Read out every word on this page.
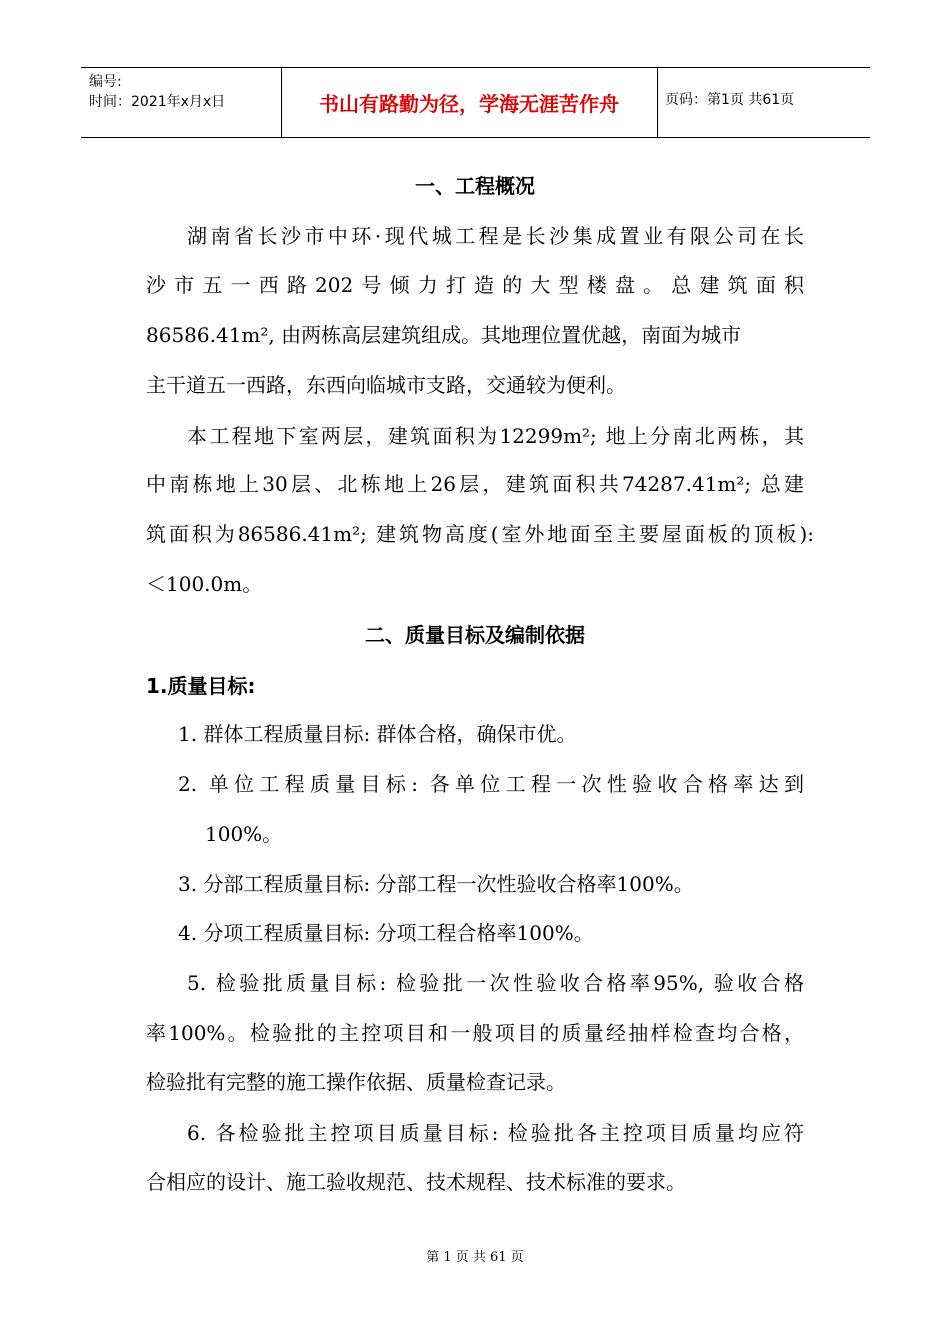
编号:
时间：2021年x月x日	书山有路勤为径，学海无涯苦作舟	页码：第1页 共61页
一、工程概况
湖南省长沙市中环·现代城工程是长沙集成置业有限公司在长
沙市五一西路202号倾力打造的大型楼盘。总建筑面积
86586.41m², 由两栋高层建筑组成。其地理位置优越，南面为城市
主干道五一西路，东西向临城市支路，交通较为便利。
本工程地下室两层，建筑面积为12299m²; 地上分南北两栋，其
中南栋地上30层、北栋地上26层，建筑面积共74287.41m²; 总建
筑面积为86586.41m²; 建筑物高度(室外地面至主要屋面板的顶板):
＜100.0m。
二、质量目标及编制依据
1.质量目标:
1. 群体工程质量目标: 群体合格，确保市优。
2. 单位工程质量目标: 各单位工程一次性验收合格率达到
100%。
3. 分部工程质量目标: 分部工程一次性验收合格率100%。
4. 分项工程质量目标: 分项工程合格率100%。
5. 检验批质量目标: 检验批一次性验收合格率95%, 验收合格
率100%。检验批的主控项目和一般项目的质量经抽样检查均合格，
检验批有完整的施工操作依据、质量检查记录。
6. 各检验批主控项目质量目标: 检验批各主控项目质量均应符
合相应的设计、施工验收规范、技术规程、技术标准的要求。
第 1 页 共 61 页
